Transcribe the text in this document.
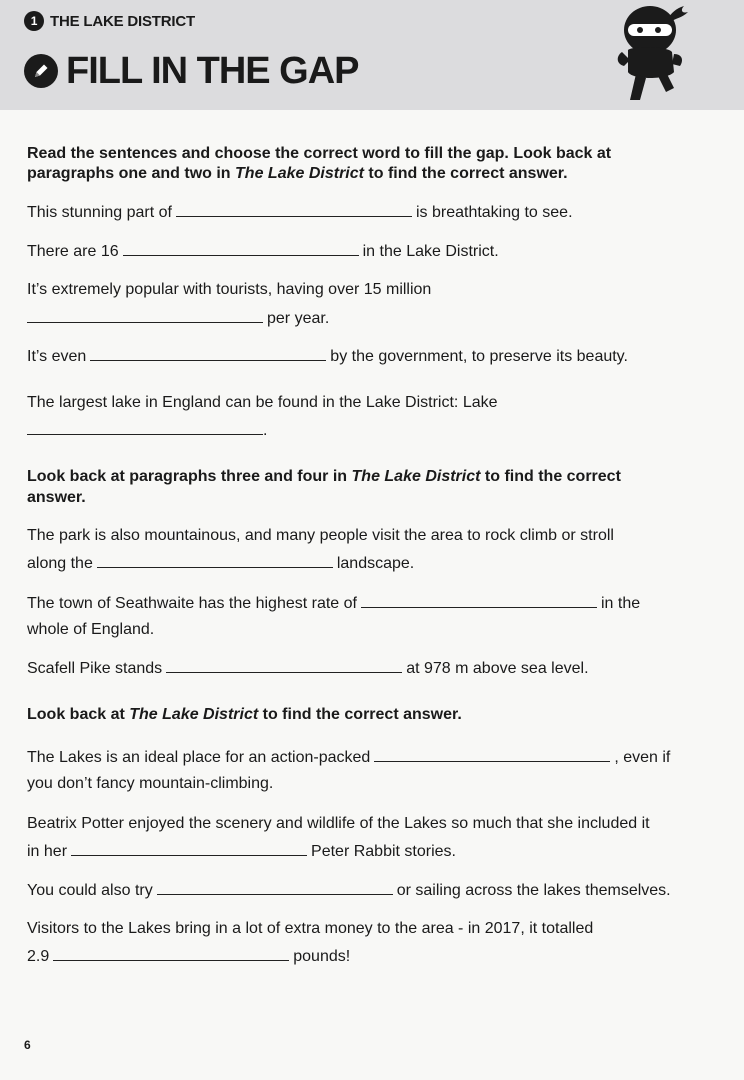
1 THE LAKE DISTRICT
FILL IN THE GAP
Read the sentences and choose the correct word to fill the gap. Look back at
paragraphs one and two in The Lake District to find the correct answer.
This stunning part of	is breathtaking to see.
There are 16	in the Lake District.
It’s extremely popular with tourists, having over 15 million
per year.
It’s even	by the government, to preserve its beauty.
The largest lake in England can be found in the Lake District: Lake
.
Look back at paragraphs three and four in The Lake District to find the correct
answer.
The park is also mountainous, and many people visit the area to rock climb or stroll
along the	landscape.
The town of Seathwaite has the highest rate of	in the
whole of England.
Scafell Pike stands	at 978 m above sea level.
Look back at The Lake District to find the correct answer.
The Lakes is an ideal place for an action-packed	, even if
you don’t fancy mountain-climbing.
Beatrix Potter enjoyed the scenery and wildlife of the Lakes so much that she included it
in her	Peter Rabbit stories.
You could also try	or sailing across the lakes themselves.
Visitors to the Lakes bring in a lot of extra money to the area - in 2017, it totalled
2.9	pounds!
6
